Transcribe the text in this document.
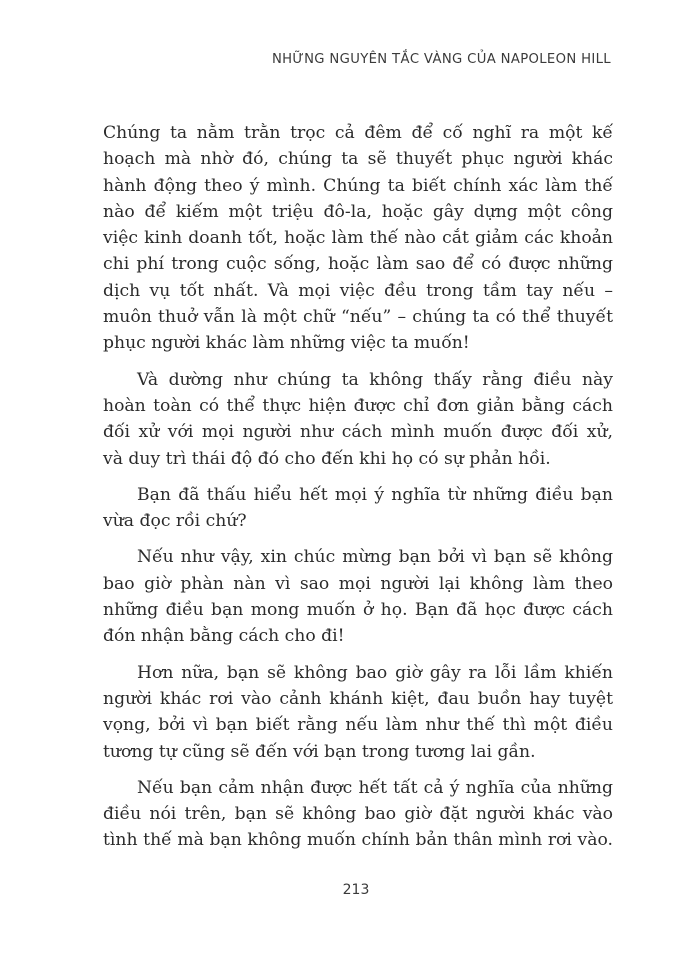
NHỮNG NGUYÊN TẮC VÀNG CỦA NAPOLEON HILL

Chúng ta nằm trằn trọc cả đêm để cố nghĩ ra một kế
hoạch mà nhờ đó, chúng ta sẽ thuyết phục người khác
hành động theo ý mình. Chúng ta biết chính xác làm thế
nào để kiếm một triệu đô-la, hoặc gây dựng một công
việc kinh doanh tốt, hoặc làm thế nào cắt giảm các khoản
chi phí trong cuộc sống, hoặc làm sao để có được những
dịch vụ tốt nhất. Và mọi việc đều trong tầm tay nếu –
muôn thuở vẫn là một chữ “nếu” – chúng ta có thể thuyết
phục người khác làm những việc ta muốn!

Và dường như chúng ta không thấy rằng điều này
hoàn toàn có thể thực hiện được chỉ đơn giản bằng cách
đối xử với mọi người như cách mình muốn được đối xử,
và duy trì thái độ đó cho đến khi họ có sự phản hồi.

Bạn đã thấu hiểu hết mọi ý nghĩa từ những điều bạn
vừa đọc rồi chứ?

Nếu như vậy, xin chúc mừng bạn bởi vì bạn sẽ không
bao giờ phàn nàn vì sao mọi người lại không làm theo
những điều bạn mong muốn ở họ. Bạn đã học được cách
đón nhận bằng cách cho đi!

Hơn nữa, bạn sẽ không bao giờ gây ra lỗi lầm khiến
người khác rơi vào cảnh khánh kiệt, đau buồn hay tuyệt
vọng, bởi vì bạn biết rằng nếu làm như thế thì một điều
tương tự cũng sẽ đến với bạn trong tương lai gần.

Nếu bạn cảm nhận được hết tất cả ý nghĩa của những
điều nói trên, bạn sẽ không bao giờ đặt người khác vào
tình thế mà bạn không muốn chính bản thân mình rơi vào.

213
